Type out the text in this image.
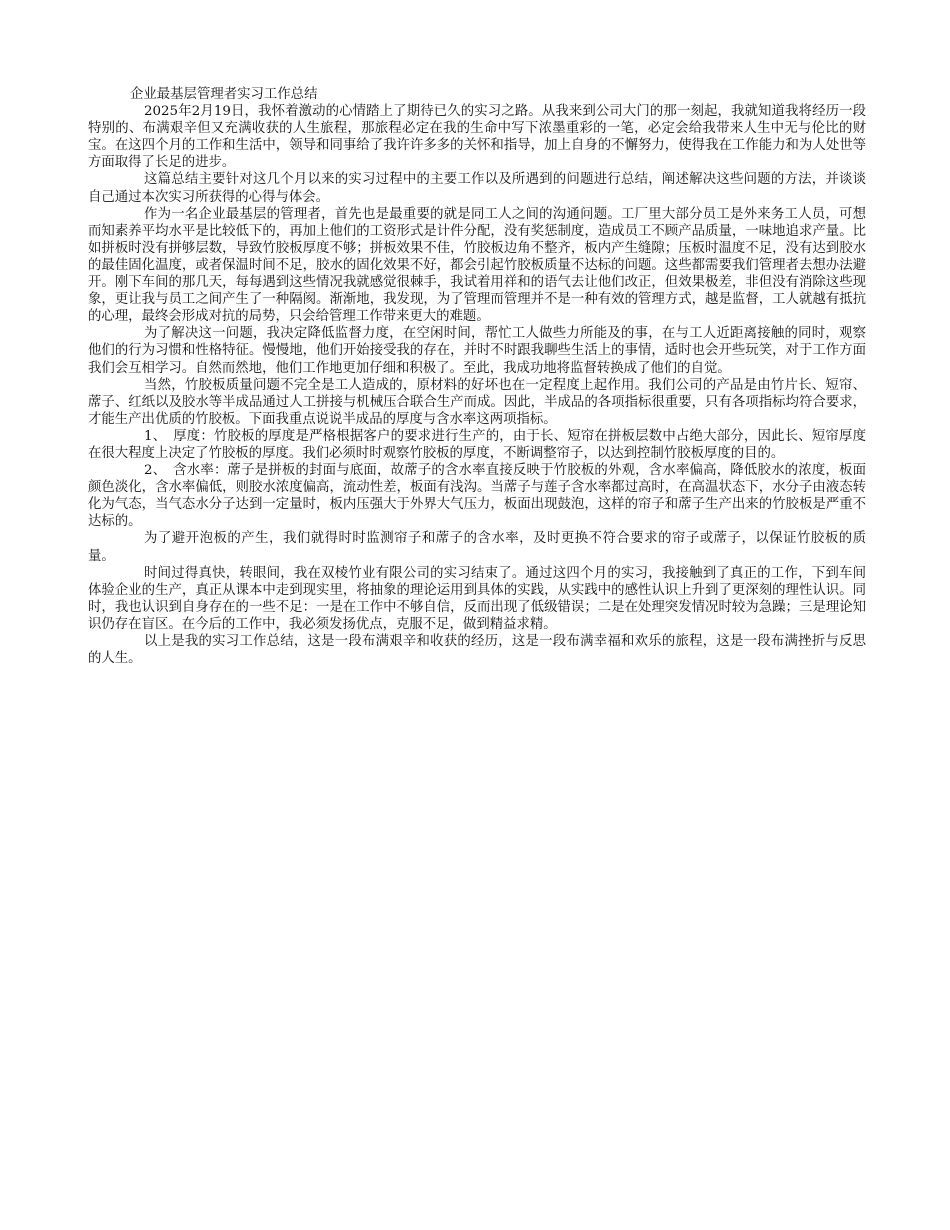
企业最基层管理者实习工作总结

2025年2月19日，我怀着激动的心情踏上了期待已久的实习之路。从我来到公司大门的那一刻起，我就知道我将经历一段特别的、布满艰辛但又充满收获的人生旅程，那旅程必定在我的生命中写下浓墨重彩的一笔，必定会给我带来人生中无与伦比的财宝。在这四个月的工作和生活中，领导和同事给了我许许多多的关怀和指导，加上自身的不懈努力，使得我在工作能力和为人处世等方面取得了长足的进步。

这篇总结主要针对这几个月以来的实习过程中的主要工作以及所遇到的问题进行总结，阐述解决这些问题的方法，并谈谈自己通过本次实习所获得的心得与体会。

作为一名企业最基层的管理者，首先也是最重要的就是同工人之间的沟通问题。工厂里大部分员工是外来务工人员，可想而知素养平均水平是比较低下的，再加上他们的工资形式是计件分配，没有奖惩制度，造成员工不顾产品质量，一味地追求产量。比如拼板时没有拼够层数，导致竹胶板厚度不够；拼板效果不佳，竹胶板边角不整齐，板内产生缝隙；压板时温度不足，没有达到胶水的最佳固化温度，或者保温时间不足，胶水的固化效果不好，都会引起竹胶板质量不达标的问题。这些都需要我们管理者去想办法避开。刚下车间的那几天，每每遇到这些情况我就感觉很棘手，我试着用祥和的语气去让他们改正，但效果极差，非但没有消除这些现象，更让我与员工之间产生了一种隔阂。渐渐地，我发现，为了管理而管理并不是一种有效的管理方式，越是监督，工人就越有抵抗的心理，最终会形成对抗的局势，只会给管理工作带来更大的难题。

为了解决这一问题，我决定降低监督力度，在空闲时间，帮忙工人做些力所能及的事，在与工人近距离接触的同时，观察他们的行为习惯和性格特征。慢慢地，他们开始接受我的存在，并时不时跟我聊些生活上的事情，适时也会开些玩笑，对于工作方面我们会互相学习。自然而然地，他们工作地更加仔细和积极了。至此，我成功地将监督转换成了他们的自觉。

当然，竹胶板质量问题不完全是工人造成的，原材料的好坏也在一定程度上起作用。我们公司的产品是由竹片长、短帘、蓆子、红纸以及胶水等半成品通过人工拼接与机械压合联合生产而成。因此，半成品的各项指标很重要，只有各项指标均符合要求，才能生产出优质的竹胶板。下面我重点说说半成品的厚度与含水率这两项指标。

1、　厚度：竹胶板的厚度是严格根据客户的要求进行生产的，由于长、短帘在拼板层数中占绝大部分，因此长、短帘厚度在很大程度上决定了竹胶板的厚度。我们必须时时观察竹胶板的厚度，不断调整帘子，以达到控制竹胶板厚度的目的。

2、　含水率：蓆子是拼板的封面与底面，故蓆子的含水率直接反映于竹胶板的外观，含水率偏高，降低胶水的浓度，板面颜色淡化，含水率偏低，则胶水浓度偏高，流动性差，板面有浅沟。当蓆子与莲子含水率都过高时，在高温状态下，水分子由液态转化为气态，当气态水分子达到一定量时，板内压强大于外界大气压力，板面出现鼓泡，这样的帘子和蓆子生产出来的竹胶板是严重不达标的。

为了避开泡板的产生，我们就得时时监测帘子和蓆子的含水率，及时更换不符合要求的帘子或蓆子，以保证竹胶板的质量。

时间过得真快，转眼间，我在双棱竹业有限公司的实习结束了。通过这四个月的实习，我接触到了真正的工作，下到车间体验企业的生产，真正从课本中走到现实里，将抽象的理论运用到具体的实践，从实践中的感性认识上升到了更深刻的理性认识。同时，我也认识到自身存在的一些不足：一是在工作中不够自信，反而出现了低级错误；二是在处理突发情况时较为急躁；三是理论知识仍存在盲区。在今后的工作中，我必须发扬优点，克服不足，做到精益求精。

以上是我的实习工作总结，这是一段布满艰辛和收获的经历，这是一段布满幸福和欢乐的旅程，这是一段布满挫折与反思的人生。
